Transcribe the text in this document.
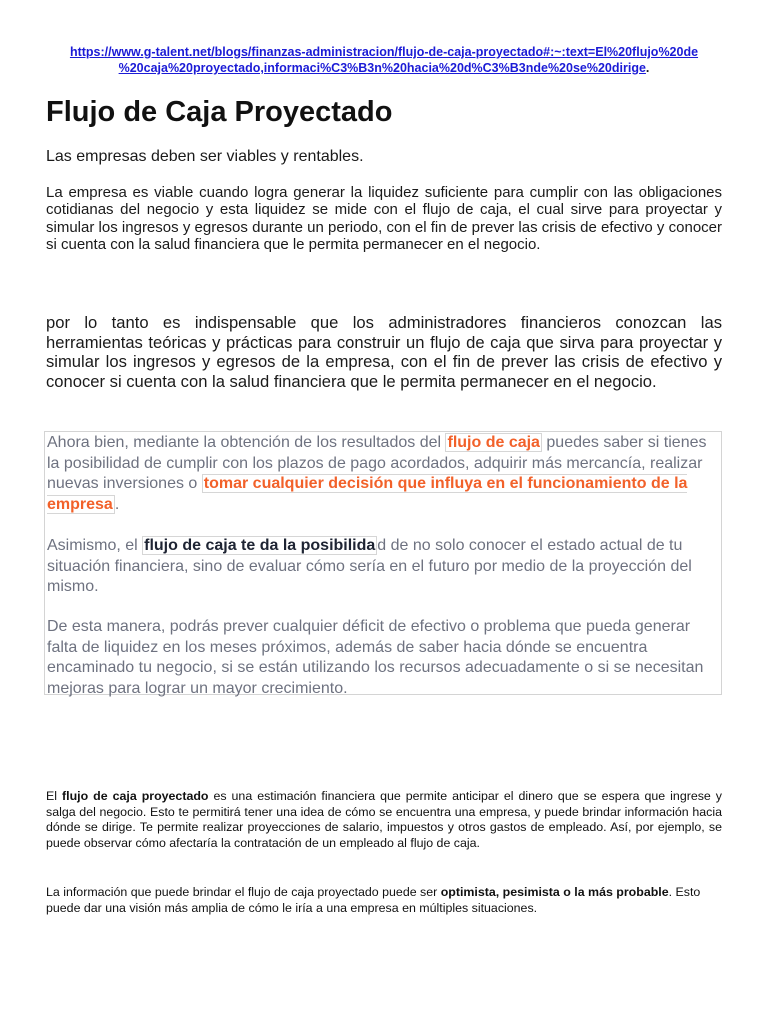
https://www.g-talent.net/blogs/finanzas-administracion/flujo-de-caja-proyectado#:~:text=El%20flujo%20de
%20caja%20proyectado,informaci%C3%B3n%20hacia%20d%C3%B3nde%20se%20dirige.
Flujo de Caja Proyectado

Las empresas deben ser viables y rentables.

La empresa es viable cuando logra generar la liquidez suficiente para cumplir con las obligaciones cotidianas del negocio y esta liquidez se mide con el flujo de caja, el cual sirve para proyectar y simular los ingresos y egresos durante un periodo, con el fin de prever las crisis de efectivo y conocer si cuenta con la salud financiera que le permita permanecer en el negocio.

por lo tanto es indispensable que los administradores financieros conozcan las herramientas teóricas y prácticas para construir un flujo de caja que sirva para proyectar y simular los ingresos y egresos de la empresa, con el fin de prever las crisis de efectivo y conocer si cuenta con la salud financiera que le permita permanecer en el negocio.

Ahora bien, mediante la obtención de los resultados del flujo de caja puedes saber si tienes la posibilidad de cumplir con los plazos de pago acordados, adquirir más mercancía, realizar nuevas inversiones o tomar cualquier decisión que influya en el funcionamiento de la empresa .

Asimismo, el flujo de caja te da la posibilida d de no solo conocer el estado actual de tu situación financiera, sino de evaluar cómo sería en el futuro por medio de la proyección del mismo.

De esta manera, podrás prever cualquier déficit de efectivo o problema que pueda generar falta de liquidez en los meses próximos, además de saber hacia dónde se encuentra encaminado tu negocio, si se están utilizando los recursos adecuadamente o si se necesitan mejoras para lograr un mayor crecimiento.

El flujo de caja proyectado es una estimación financiera que permite anticipar el dinero que se espera que ingrese y salga del negocio. Esto te permitirá tener una idea de cómo se encuentra una empresa, y puede brindar información hacia dónde se dirige. Te permite realizar proyecciones de salario, impuestos y otros gastos de empleado. Así, por ejemplo, se puede observar cómo afectaría la contratación de un empleado al flujo de caja.

La información que puede brindar el flujo de caja proyectado puede ser optimista, pesimista o la más probable. Esto puede dar una visión más amplia de cómo le iría a una empresa en múltiples situaciones.
